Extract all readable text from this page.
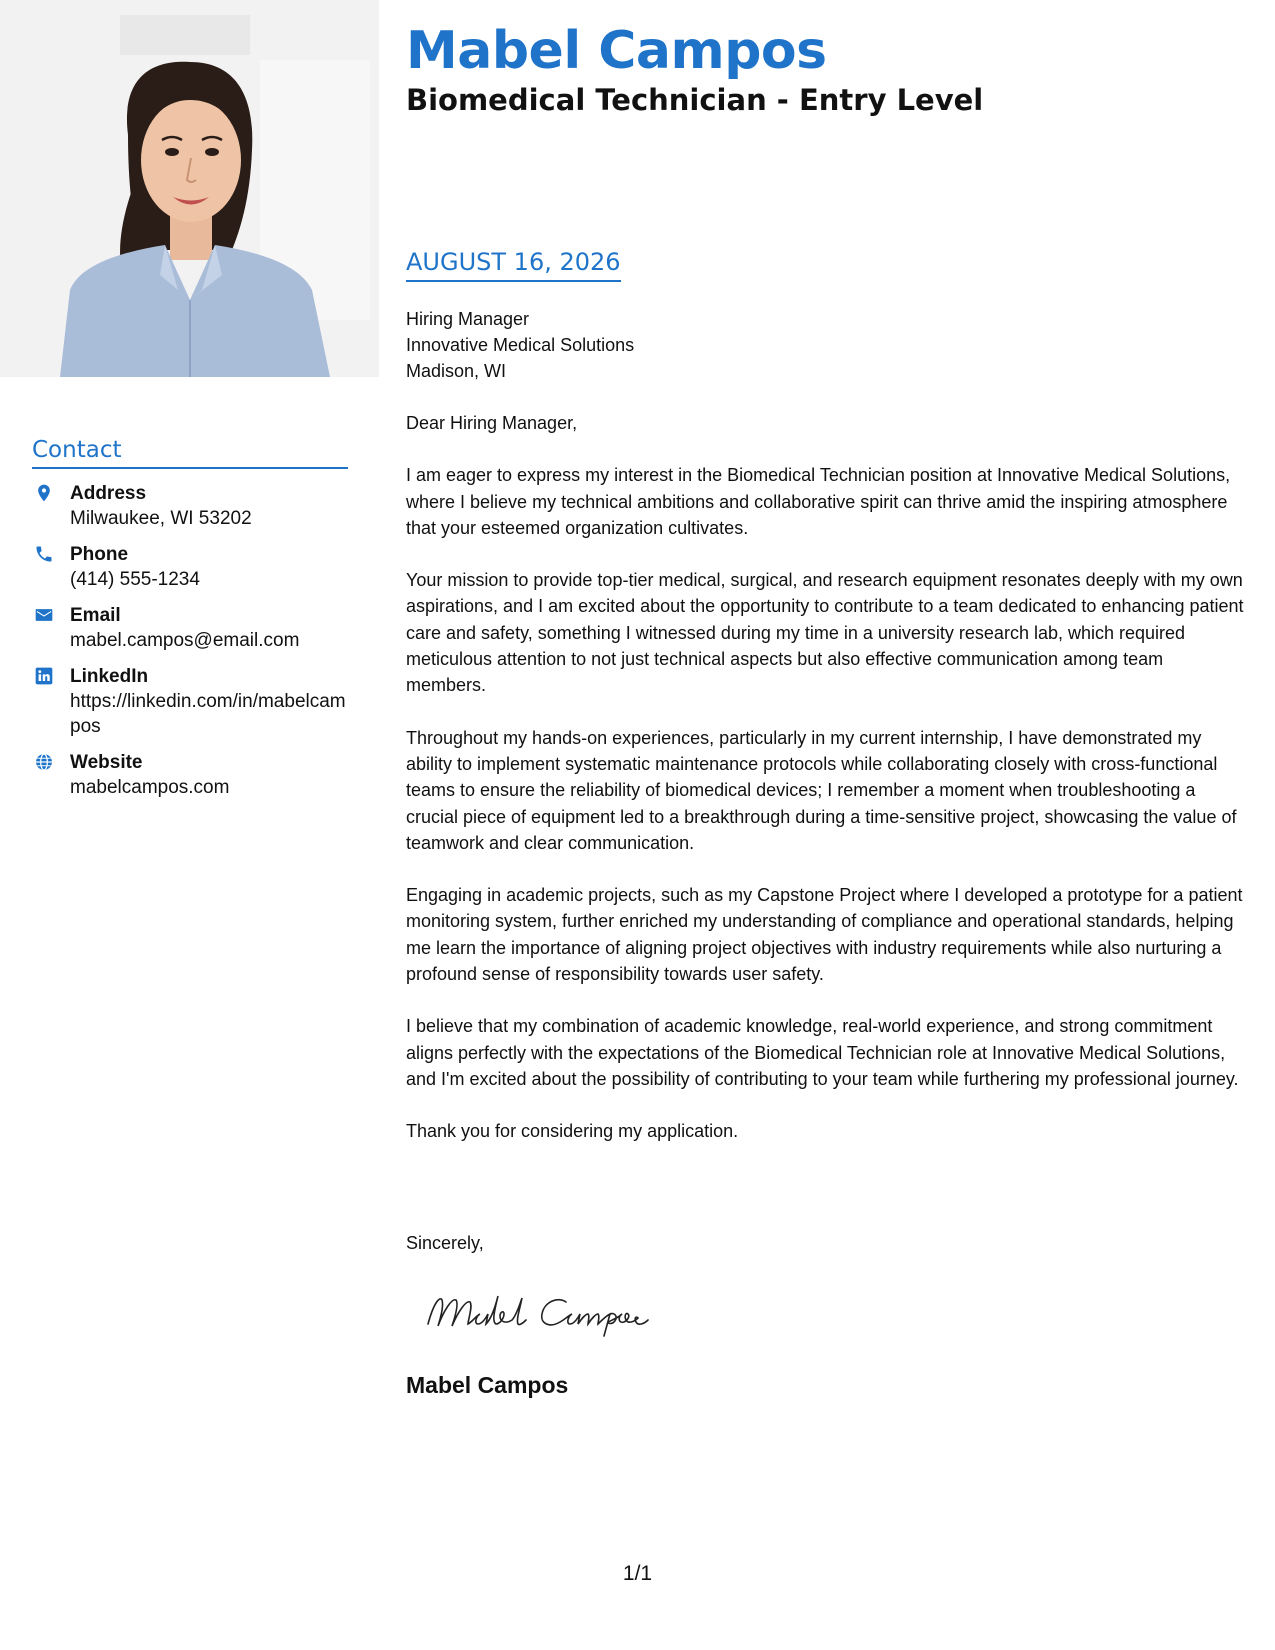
Contact
Address
Milwaukee, WI 53202
Phone
(414) 555-1234
Email
mabel.campos@email.com
LinkedIn
https://linkedin.com/in/mabelcampos
Website
mabelcampos.com
Mabel Campos
Biomedical Technician - Entry Level
AUGUST 16, 2026
Hiring Manager
Innovative Medical Solutions
Madison, WI

Dear Hiring Manager,

I am eager to express my interest in the Biomedical Technician position at Innovative Medical Solutions, where I believe my technical ambitions and collaborative spirit can thrive amid the inspiring atmosphere that your esteemed organization cultivates.

Your mission to provide top-tier medical, surgical, and research equipment resonates deeply with my own aspirations, and I am excited about the opportunity to contribute to a team dedicated to enhancing patient care and safety, something I witnessed during my time in a university research lab, which required meticulous attention to not just technical aspects but also effective communication among team members.

Throughout my hands-on experiences, particularly in my current internship, I have demonstrated my ability to implement systematic maintenance protocols while collaborating closely with cross-functional teams to ensure the reliability of biomedical devices; I remember a moment when troubleshooting a crucial piece of equipment led to a breakthrough during a time-sensitive project, showcasing the value of teamwork and clear communication.

Engaging in academic projects, such as my Capstone Project where I developed a prototype for a patient monitoring system, further enriched my understanding of compliance and operational standards, helping me learn the importance of aligning project objectives with industry requirements while also nurturing a profound sense of responsibility towards user safety.

I believe that my combination of academic knowledge, real-world experience, and strong commitment aligns perfectly with the expectations of the Biomedical Technician role at Innovative Medical Solutions, and I'm excited about the possibility of contributing to your team while furthering my professional journey.

Thank you for considering my application.

Sincerely,
Mabel Campos
1/1
